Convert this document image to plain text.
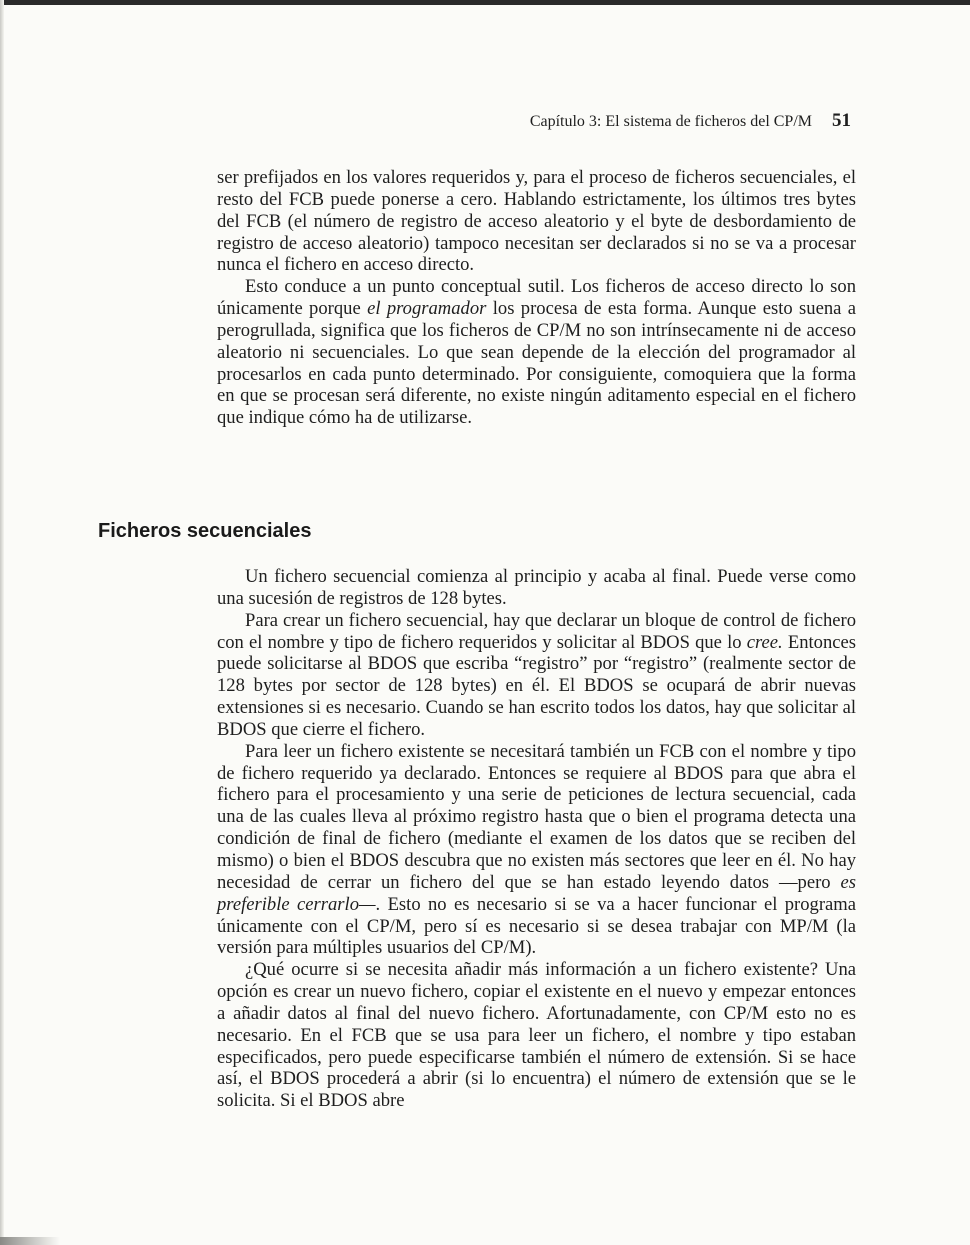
Capítulo 3: El sistema de ficheros del CP/M 51

ser prefijados en los valores requeridos y, para el proceso de ficheros secuenciales, el resto del FCB puede ponerse a cero. Hablando estrictamente, los últimos tres bytes del FCB (el número de registro de acceso aleatorio y el byte de desbordamiento de registro de acceso aleatorio) tampoco necesitan ser declarados si no se va a procesar nunca el fichero en acceso directo.

Esto conduce a un punto conceptual sutil. Los ficheros de acceso directo lo son únicamente porque el programador los procesa de esta forma. Aunque esto suena a perogrullada, significa que los ficheros de CP/M no son intrínsecamente ni de acceso aleatorio ni secuenciales. Lo que sean depende de la elección del programador al procesarlos en cada punto determinado. Por consiguiente, comoquiera que la forma en que se procesan será diferente, no existe ningún aditamento especial en el fichero que indique cómo ha de utilizarse.

Ficheros secuenciales

Un fichero secuencial comienza al principio y acaba al final. Puede verse como una sucesión de registros de 128 bytes.

Para crear un fichero secuencial, hay que declarar un bloque de control de fichero con el nombre y tipo de fichero requeridos y solicitar al BDOS que lo cree. Entonces puede solicitarse al BDOS que escriba “registro” por “registro” (realmente sector de 128 bytes por sector de 128 bytes) en él. El BDOS se ocupará de abrir nuevas extensiones si es necesario. Cuando se han escrito todos los datos, hay que solicitar al BDOS que cierre el fichero.

Para leer un fichero existente se necesitará también un FCB con el nombre y tipo de fichero requerido ya declarado. Entonces se requiere al BDOS para que abra el fichero para el procesamiento y una serie de peticiones de lectura secuencial, cada una de las cuales lleva al próximo registro hasta que o bien el programa detecta una condición de final de fichero (mediante el examen de los datos que se reciben del mismo) o bien el BDOS descubra que no existen más sectores que leer en él. No hay necesidad de cerrar un fichero del que se han estado leyendo datos —pero es preferible cerrarlo—. Esto no es necesario si se va a hacer funcionar el programa únicamente con el CP/M, pero sí es necesario si se desea trabajar con MP/M (la versión para múltiples usuarios del CP/M).

¿Qué ocurre si se necesita añadir más información a un fichero existente? Una opción es crear un nuevo fichero, copiar el existente en el nuevo y empezar entonces a añadir datos al final del nuevo fichero. Afortunadamente, con CP/M esto no es necesario. En el FCB que se usa para leer un fichero, el nombre y tipo estaban especificados, pero puede especificarse también el número de extensión. Si se hace así, el BDOS procederá a abrir (si lo encuentra) el número de extensión que se le solicita. Si el BDOS abre
